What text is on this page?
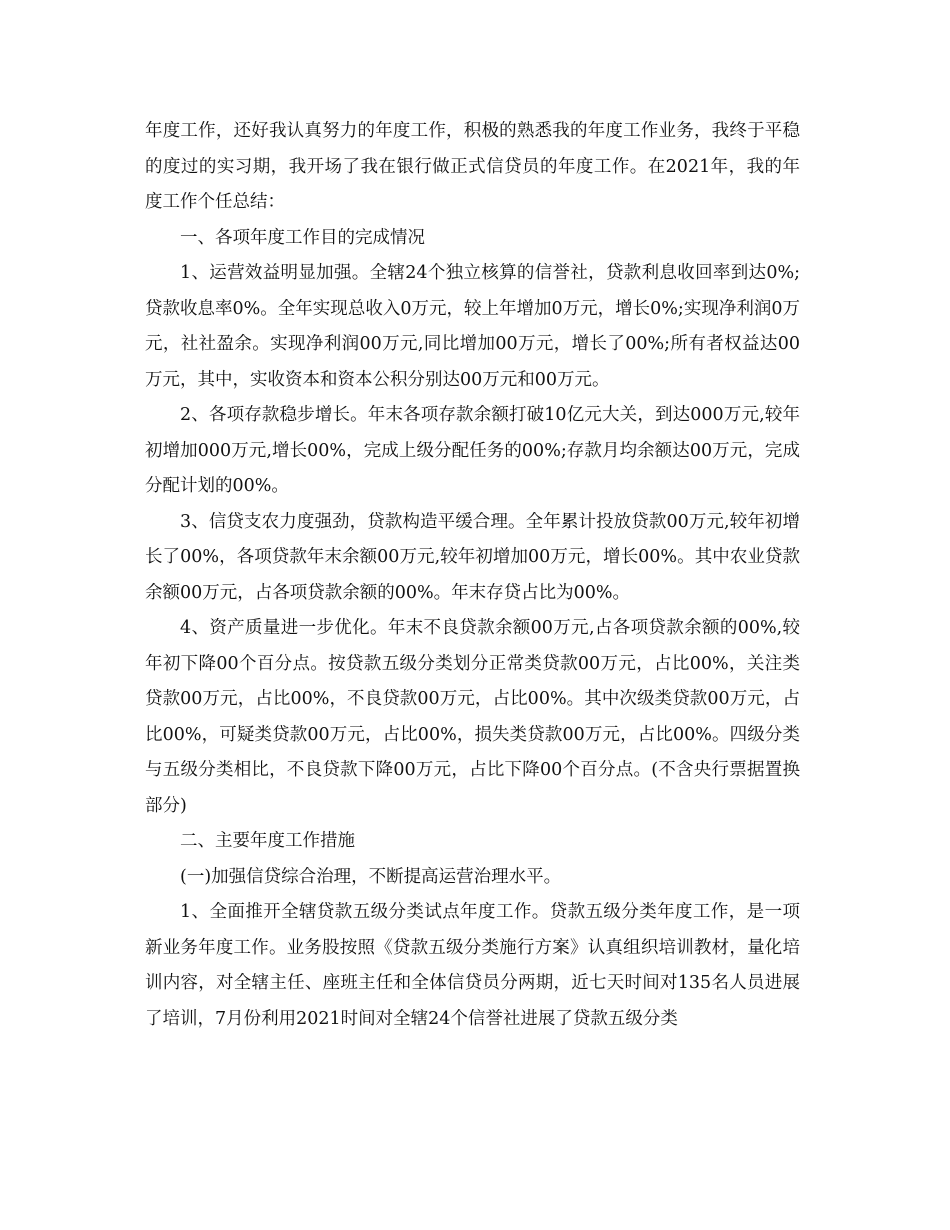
年度工作，还好我认真努力的年度工作，积极的熟悉我的年度工作业务，我终于平稳的度过的实习期，我开场了我在银行做正式信贷员的年度工作。在2021年，我的年度工作个任总结：

一、各项年度工作目的完成情况

1、运营效益明显加强。全辖24个独立核算的信誉社，贷款利息收回率到达0%;贷款收息率0%。全年实现总收入0万元，较上年增加0万元，增长0%;实现净利润0万元，社社盈余。实现净利润00万元,同比增加00万元，增长了00%;所有者权益达00万元，其中，实收资本和资本公积分别达00万元和00万元。

2、各项存款稳步增长。年末各项存款余额打破10亿元大关，到达000万元,较年初增加000万元,增长00%，完成上级分配任务的00%;存款月均余额达00万元，完成分配计划的00%。

3、信贷支农力度强劲，贷款构造平缓合理。全年累计投放贷款00万元,较年初增长了00%，各项贷款年末余额00万元,较年初增加00万元，增长00%。其中农业贷款余额00万元，占各项贷款余额的00%。年末存贷占比为00%。

4、资产质量进一步优化。年末不良贷款余额00万元,占各项贷款余额的00%,较年初下降00个百分点。按贷款五级分类划分正常类贷款00万元，占比00%，关注类贷款00万元，占比00%，不良贷款00万元，占比00%。其中次级类贷款00万元，占比00%，可疑类贷款00万元，占比00%，损失类贷款00万元，占比00%。四级分类与五级分类相比，不良贷款下降00万元，占比下降00个百分点。(不含央行票据置换部分)

二、主要年度工作措施

(一)加强信贷综合治理，不断提高运营治理水平。

1、全面推开全辖贷款五级分类试点年度工作。贷款五级分类年度工作，是一项新业务年度工作。业务股按照《贷款五级分类施行方案》认真组织培训教材，量化培训内容，对全辖主任、座班主任和全体信贷员分两期，近七天时间对135名人员进展了培训，7月份利用2021时间对全辖24个信誉社进展了贷款五级分类
